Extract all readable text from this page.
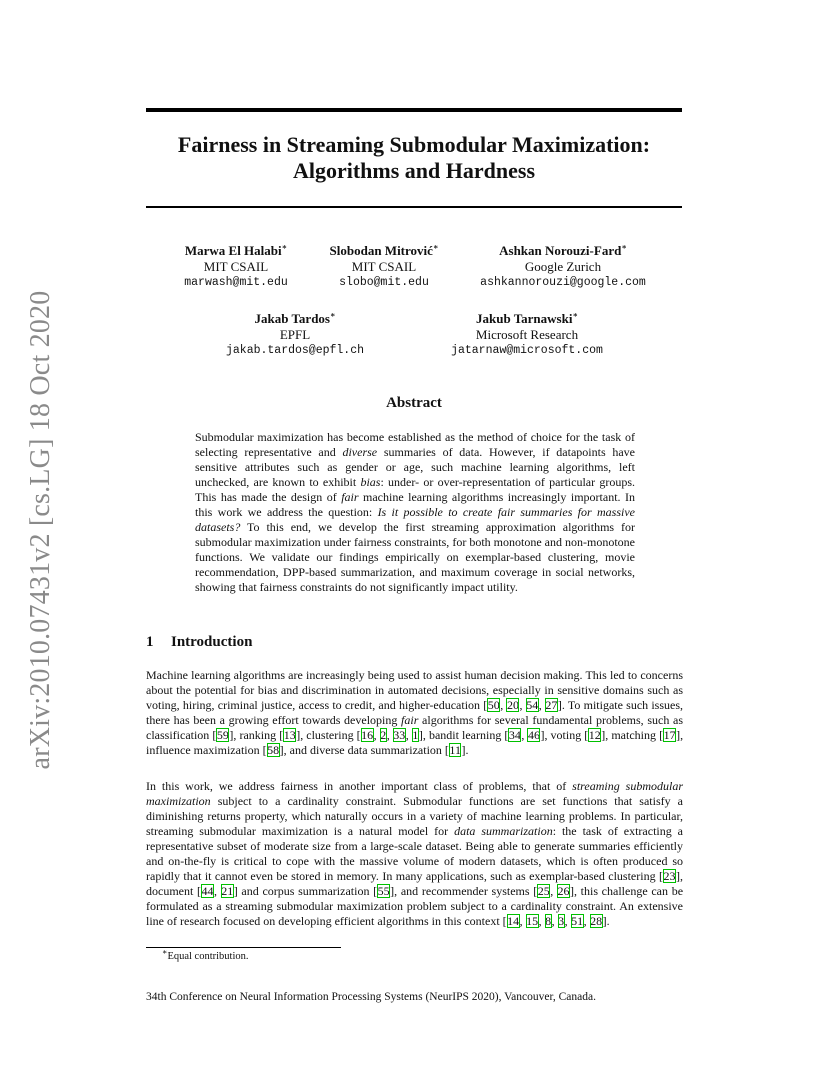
arXiv:2010.07431v2 [cs.LG] 18 Oct 2020
Fairness in Streaming Submodular Maximization:
Algorithms and Hardness
Marwa El Halabi∗
MIT CSAIL
marwash@mit.edu
Slobodan Mitrović∗
MIT CSAIL
slobo@mit.edu
Ashkan Norouzi-Fard∗
Google Zurich
ashkannorouzi@google.com
Jakab Tardos∗
EPFL
jakab.tardos@epfl.ch
Jakub Tarnawski∗
Microsoft Research
jatarnaw@microsoft.com
Abstract

Submodular maximization has become established as the method of choice for the task of selecting representative and diverse summaries of data. However, if datapoints have sensitive attributes such as gender or age, such machine learning algorithms, left unchecked, are known to exhibit bias: under- or over-representation of particular groups. This has made the design of fair machine learning algorithms increasingly important. In this work we address the question: Is it possible to create fair summaries for massive datasets? To this end, we develop the first streaming approximation algorithms for submodular maximization under fairness constraints, for both monotone and non-monotone functions. We validate our findings empirically on exemplar-based clustering, movie recommendation, DPP-based summarization, and maximum coverage in social networks, showing that fairness constraints do not significantly impact utility.

1 Introduction

Machine learning algorithms are increasingly being used to assist human decision making. This led to concerns about the potential for bias and discrimination in automated decisions, especially in sensitive domains such as voting, hiring, criminal justice, access to credit, and higher-education [50, 20, 54, 27]. To mitigate such issues, there has been a growing effort towards developing fair algorithms for several fundamental problems, such as classification [59], ranking [13], clustering [16, 2, 33, 1], bandit learning [34, 46], voting [12], matching [17], influence maximization [58], and diverse data summarization [11].

In this work, we address fairness in another important class of problems, that of streaming submodular maximization subject to a cardinality constraint. Submodular functions are set functions that satisfy a diminishing returns property, which naturally occurs in a variety of machine learning problems. In particular, streaming submodular maximization is a natural model for data summarization: the task of extracting a representative subset of moderate size from a large-scale dataset. Being able to generate summaries efficiently and on-the-fly is critical to cope with the massive volume of modern datasets, which is often produced so rapidly that it cannot even be stored in memory. In many applications, such as exemplar-based clustering [23], document [44, 21] and corpus summarization [55], and recommender systems [25, 26], this challenge can be formulated as a streaming submodular maximization problem subject to a cardinality constraint. An extensive line of research focused on developing efficient algorithms in this context [14, 15, 8, 3, 51, 28].

∗Equal contribution.

34th Conference on Neural Information Processing Systems (NeurIPS 2020), Vancouver, Canada.
